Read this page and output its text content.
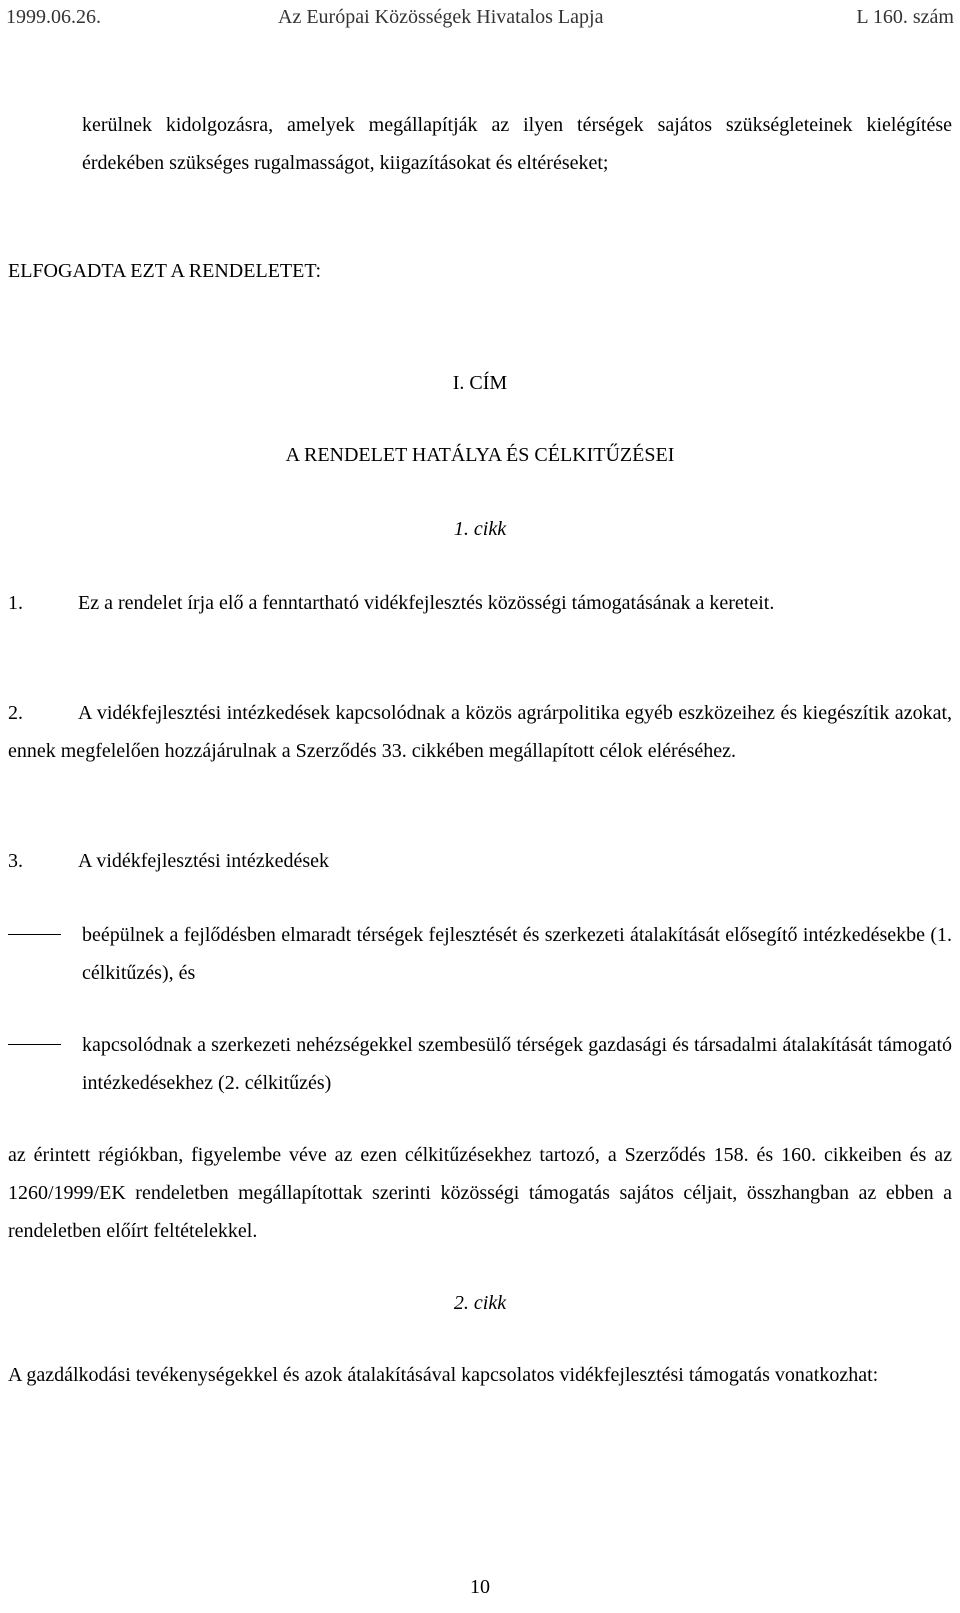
1999.06.26.	Az Európai Közösségek Hivatalos Lapja	L 160. szám

kerülnek kidolgozásra, amelyek megállapítják az ilyen térségek sajátos szükségleteinek kielégítése érdekében szükséges rugalmasságot, kiigazításokat és eltéréseket;

ELFOGADTA EZT A RENDELETET:

I. CÍM

A RENDELET HATÁLYA ÉS CÉLKITŰZÉSEI

1. cikk

1.	Ez a rendelet írja elő a fenntartható vidékfejlesztés közösségi támogatásának a kereteit.

2.	A vidékfejlesztési intézkedések kapcsolódnak a közös agrárpolitika egyéb eszközeihez és kiegészítik azokat, ennek megfelelően hozzájárulnak a Szerződés 33. cikkében megállapított célok eléréséhez.

3.	A vidékfejlesztési intézkedések

beépülnek a fejlődésben elmaradt térségek fejlesztését és szerkezeti átalakítását elősegítő intézkedésekbe (1. célkitűzés), és

kapcsolódnak a szerkezeti nehézségekkel szembesülő térségek gazdasági és társadalmi átalakítását támogató intézkedésekhez (2. célkitűzés)

az érintett régiókban, figyelembe véve az ezen célkitűzésekhez tartozó, a Szerződés 158. és 160. cikkeiben és az 1260/1999/EK rendeletben megállapítottak szerinti közösségi támogatás sajátos céljait, összhangban az ebben a rendeletben előírt feltételekkel.

2. cikk

A gazdálkodási tevékenységekkel és azok átalakításával kapcsolatos vidékfejlesztési támogatás vonatkozhat:

10
